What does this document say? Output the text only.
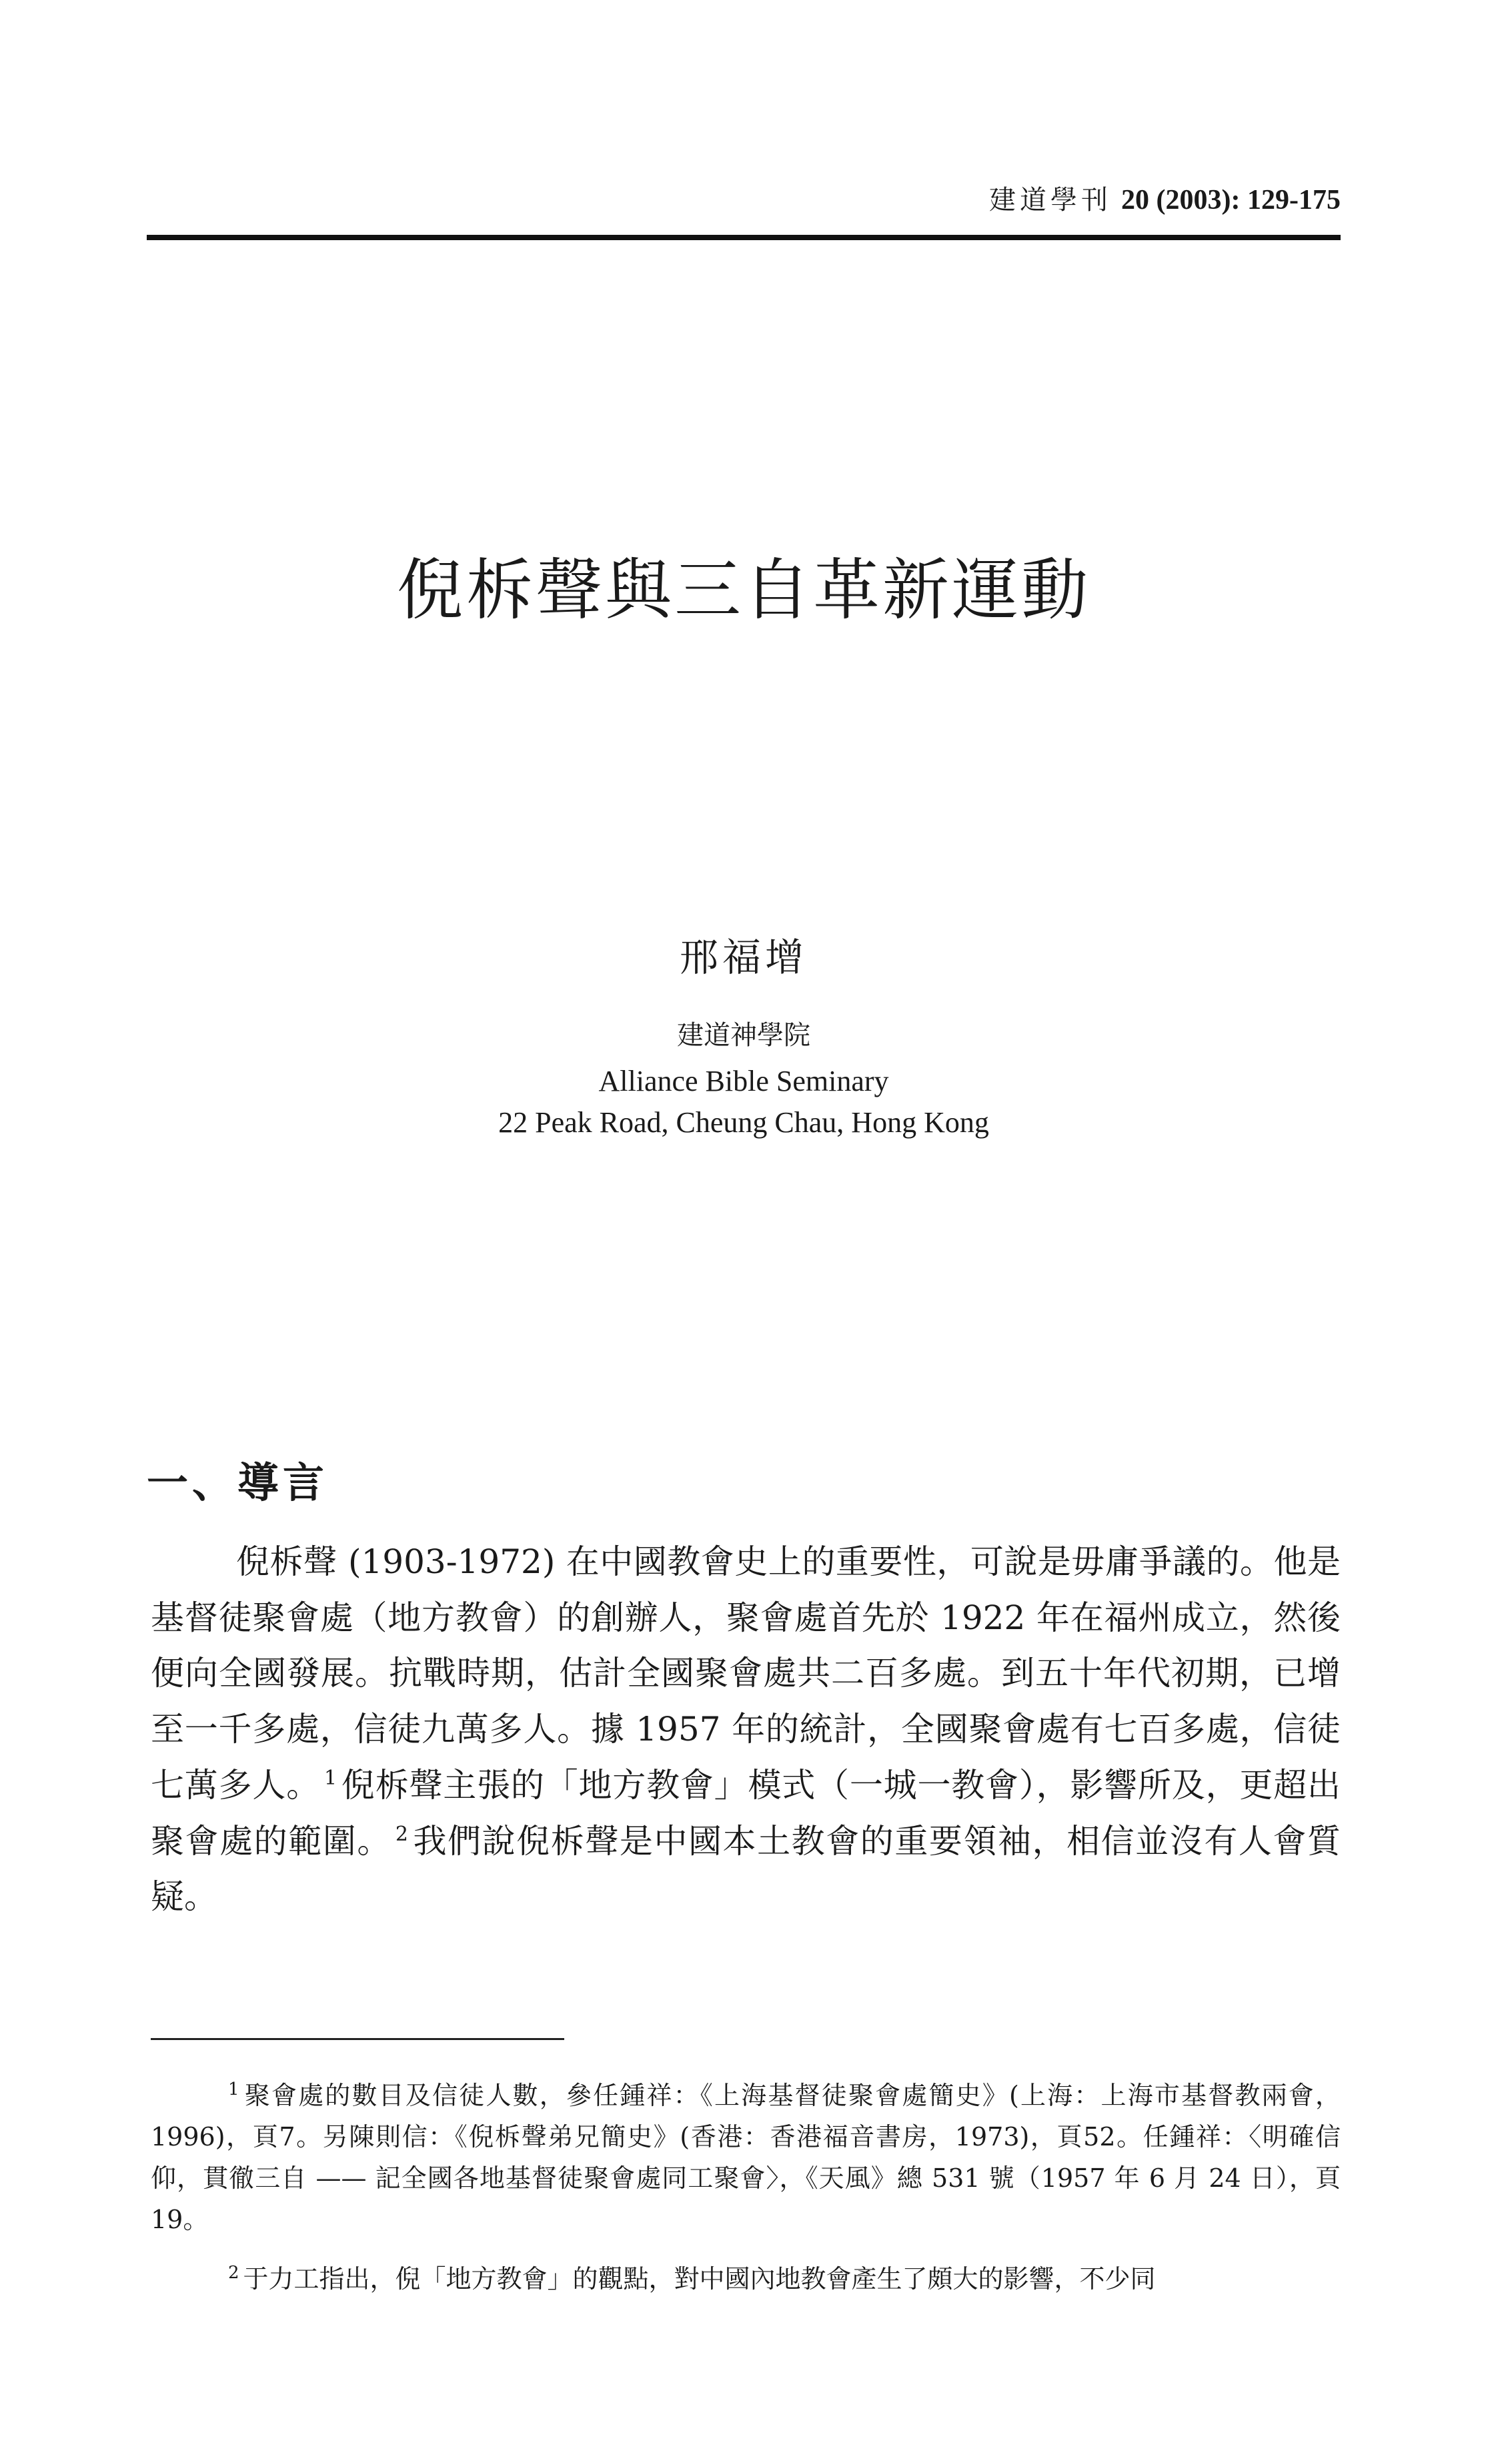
建道學刊 20 (2003): 129-175
倪柝聲與三自革新運動
邢福增
建道神學院
Alliance Bible Seminary
22 Peak Road, Cheung Chau, Hong Kong
一、導言

倪柝聲 (1903-1972) 在中國教會史上的重要性，可說是毋庸爭議的。他是基督徒聚會處（地方教會）的創辦人，聚會處首先於 1922 年在福州成立，然後便向全國發展。抗戰時期，估計全國聚會處共二百多處。到五十年代初期，已增至一千多處，信徒九萬多人。據 1957 年的統計，全國聚會處有七百多處，信徒七萬多人。 $^1$ 倪柝聲主張的「地方教會」模式（一城一教會），影響所及，更超出聚會處的範圍。 $^2$ 我們說倪柝聲是中國本土教會的重要領袖，相信並沒有人會質疑。

$^1$ 聚會處的數目及信徒人數，參任鍾祥：《上海基督徒聚會處簡史》(上海：上海市基督教兩會，1996)，頁7。另陳則信：《倪柝聲弟兄簡史》(香港：香港福音書房，1973)，頁52。任鍾祥：〈明確信仰，貫徹三自 —— 記全國各地基督徒聚會處同工聚會〉，《天風》總 531 號（1957 年 6 月 24 日），頁 19。

$^2$ 于力工指出，倪「地方教會」的觀點，對中國內地教會產生了頗大的影響，不少同
